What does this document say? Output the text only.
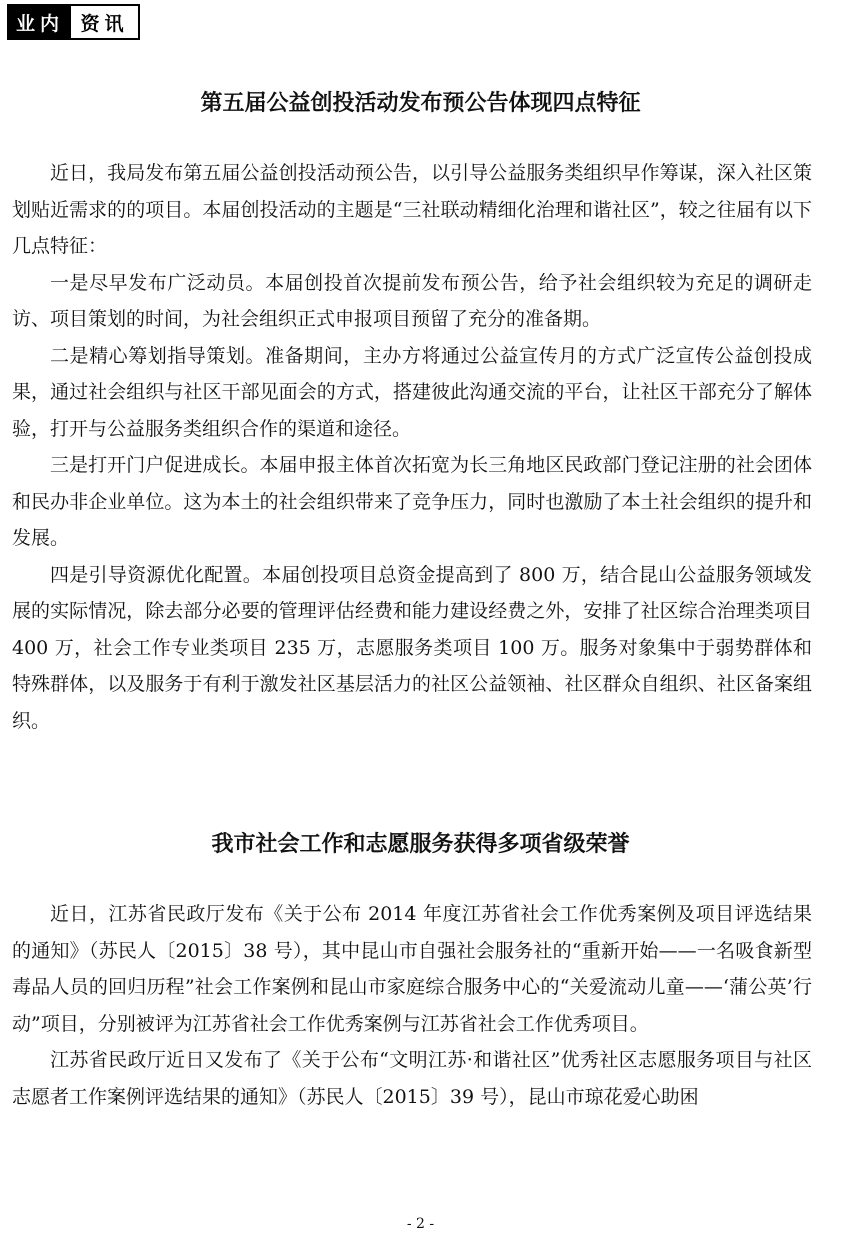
业内 资讯
第五届公益创投活动发布预公告体现四点特征

近日，我局发布第五届公益创投活动预公告，以引导公益服务类组织早作筹谋，深入社区策划贴近需求的的项目。本届创投活动的主题是“三社联动精细化治理和谐社区”，较之往届有以下几点特征：

一是尽早发布广泛动员。本届创投首次提前发布预公告，给予社会组织较为充足的调研走访、项目策划的时间，为社会组织正式申报项目预留了充分的准备期。

二是精心筹划指导策划。准备期间，主办方将通过公益宣传月的方式广泛宣传公益创投成果，通过社会组织与社区干部见面会的方式，搭建彼此沟通交流的平台，让社区干部充分了解体验，打开与公益服务类组织合作的渠道和途径。

三是打开门户促进成长。本届申报主体首次拓宽为长三角地区民政部门登记注册的社会团体和民办非企业单位。这为本土的社会组织带来了竞争压力，同时也激励了本土社会组织的提升和发展。

四是引导资源优化配置。本届创投项目总资金提高到了 800 万，结合昆山公益服务领域发展的实际情况，除去部分必要的管理评估经费和能力建设经费之外，安排了社区综合治理类项目 400 万，社会工作专业类项目 235 万，志愿服务类项目 100 万。服务对象集中于弱势群体和特殊群体，以及服务于有利于激发社区基层活力的社区公益领袖、社区群众自组织、社区备案组织。

我市社会工作和志愿服务获得多项省级荣誉

近日，江苏省民政厅发布《关于公布 2014 年度江苏省社会工作优秀案例及项目评选结果的通知》（苏民人〔2015〕38 号），其中昆山市自强社会服务社的“重新开始——一名吸食新型毒品人员的回归历程”社会工作案例和昆山市家庭综合服务中心的“关爱流动儿童——‘蒲公英’行动”项目，分别被评为江苏省社会工作优秀案例与江苏省社会工作优秀项目。

江苏省民政厅近日又发布了《关于公布“文明江苏·和谐社区”优秀社区志愿服务项目与社区志愿者工作案例评选结果的通知》（苏民人〔2015〕39 号），昆山市琼花爱心助困

- 2 -
